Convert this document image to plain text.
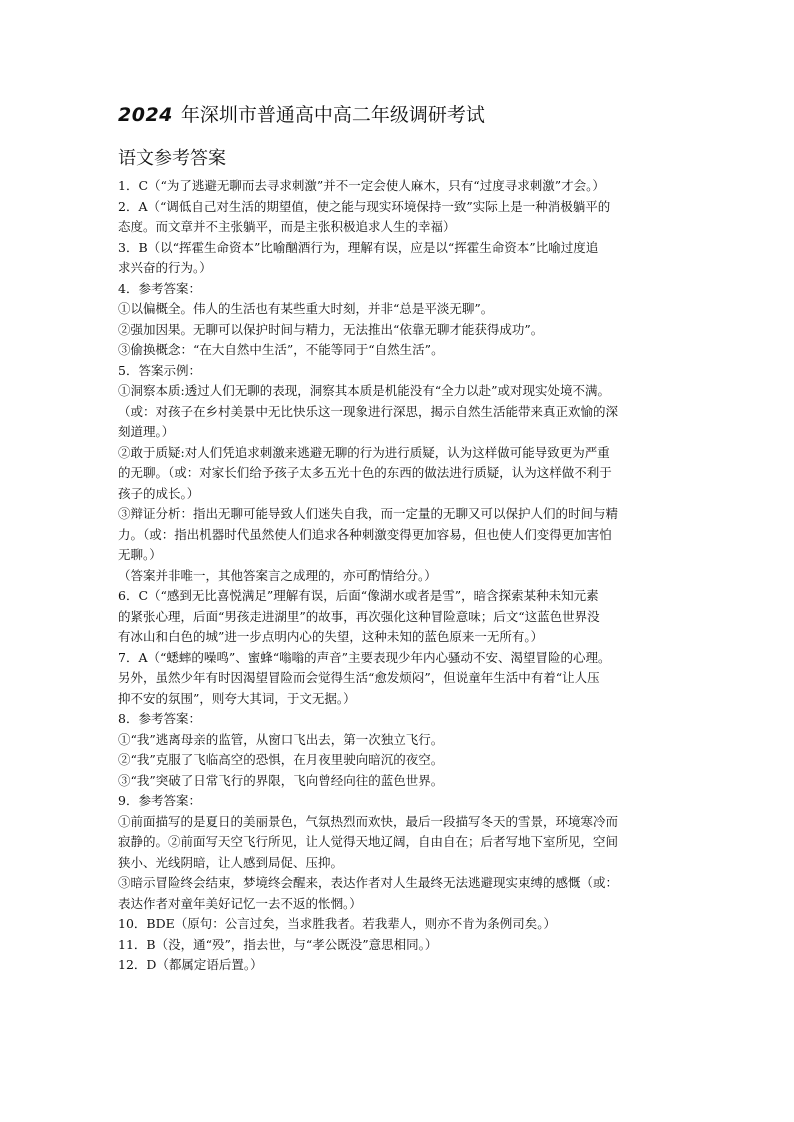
2024 年深圳市普通高中高二年级调研考试
语文参考答案
1．C（“为了逃避无聊而去寻求刺激”并不一定会使人麻木，只有“过度寻求刺激”才会。）
2．A（“调低自己对生活的期望值，使之能与现实环境保持一致”实际上是一种消极躺平的
态度。而文章并不主张躺平，而是主张积极追求人生的幸福）
3．B（以“挥霍生命资本”比喻酗酒行为，理解有误，应是以“挥霍生命资本”比喻过度追
求兴奋的行为。）
4．参考答案：
①以偏概全。伟人的生活也有某些重大时刻，并非“总是平淡无聊”。
②强加因果。无聊可以保护时间与精力，无法推出“依靠无聊才能获得成功”。
③偷换概念：“在大自然中生活”，不能等同于“自然生活”。
5．答案示例：
①洞察本质:透过人们无聊的表现，洞察其本质是机能没有“全力以赴”或对现实处境不满。
（或：对孩子在乡村美景中无比快乐这一现象进行深思，揭示自然生活能带来真正欢愉的深
刻道理。）
②敢于质疑:对人们凭追求刺激来逃避无聊的行为进行质疑，认为这样做可能导致更为严重
的无聊。（或：对家长们给予孩子太多五光十色的东西的做法进行质疑，认为这样做不利于
孩子的成长。）
③辩证分析：指出无聊可能导致人们迷失自我，而一定量的无聊又可以保护人们的时间与精
力。（或：指出机器时代虽然使人们追求各种刺激变得更加容易，但也使人们变得更加害怕
无聊。）
（答案并非唯一，其他答案言之成理的，亦可酌情给分。）
6．C（“感到无比喜悦满足”理解有误，后面“像湖水或者是雪”，暗含探索某种未知元素
的紧张心理，后面“男孩走进湖里”的故事，再次强化这种冒险意味；后文“这蓝色世界没
有冰山和白色的城”进一步点明内心的失望，这种未知的蓝色原来一无所有。）
7．A（“蟋蟀的噪鸣”、蜜蜂“嗡嗡的声音”主要表现少年内心骚动不安、渴望冒险的心理。
另外，虽然少年有时因渴望冒险而会觉得生活“愈发烦闷”，但说童年生活中有着“让人压
抑不安的氛围”，则夸大其词，于文无据。）
8．参考答案：
①“我”逃离母亲的监管，从窗口飞出去，第一次独立飞行。
②“我”克服了飞临高空的恐惧，在月夜里驶向暗沉的夜空。
③“我”突破了日常飞行的界限，飞向曾经向往的蓝色世界。
9．参考答案：
①前面描写的是夏日的美丽景色，气氛热烈而欢快，最后一段描写冬天的雪景，环境寒冷而
寂静的。②前面写天空飞行所见，让人觉得天地辽阔，自由自在；后者写地下室所见，空间
狭小、光线阴暗，让人感到局促、压抑。
③暗示冒险终会结束，梦境终会醒来，表达作者对人生最终无法逃避现实束缚的感慨（或：
表达作者对童年美好记忆一去不返的怅惘。）
10．BDE（原句：公言过矣，当求胜我者。若我辈人，则亦不肯为条例司矣。）
11．B（没，通“殁”，指去世，与“孝公既没”意思相同。）
12．D（都属定语后置。）
